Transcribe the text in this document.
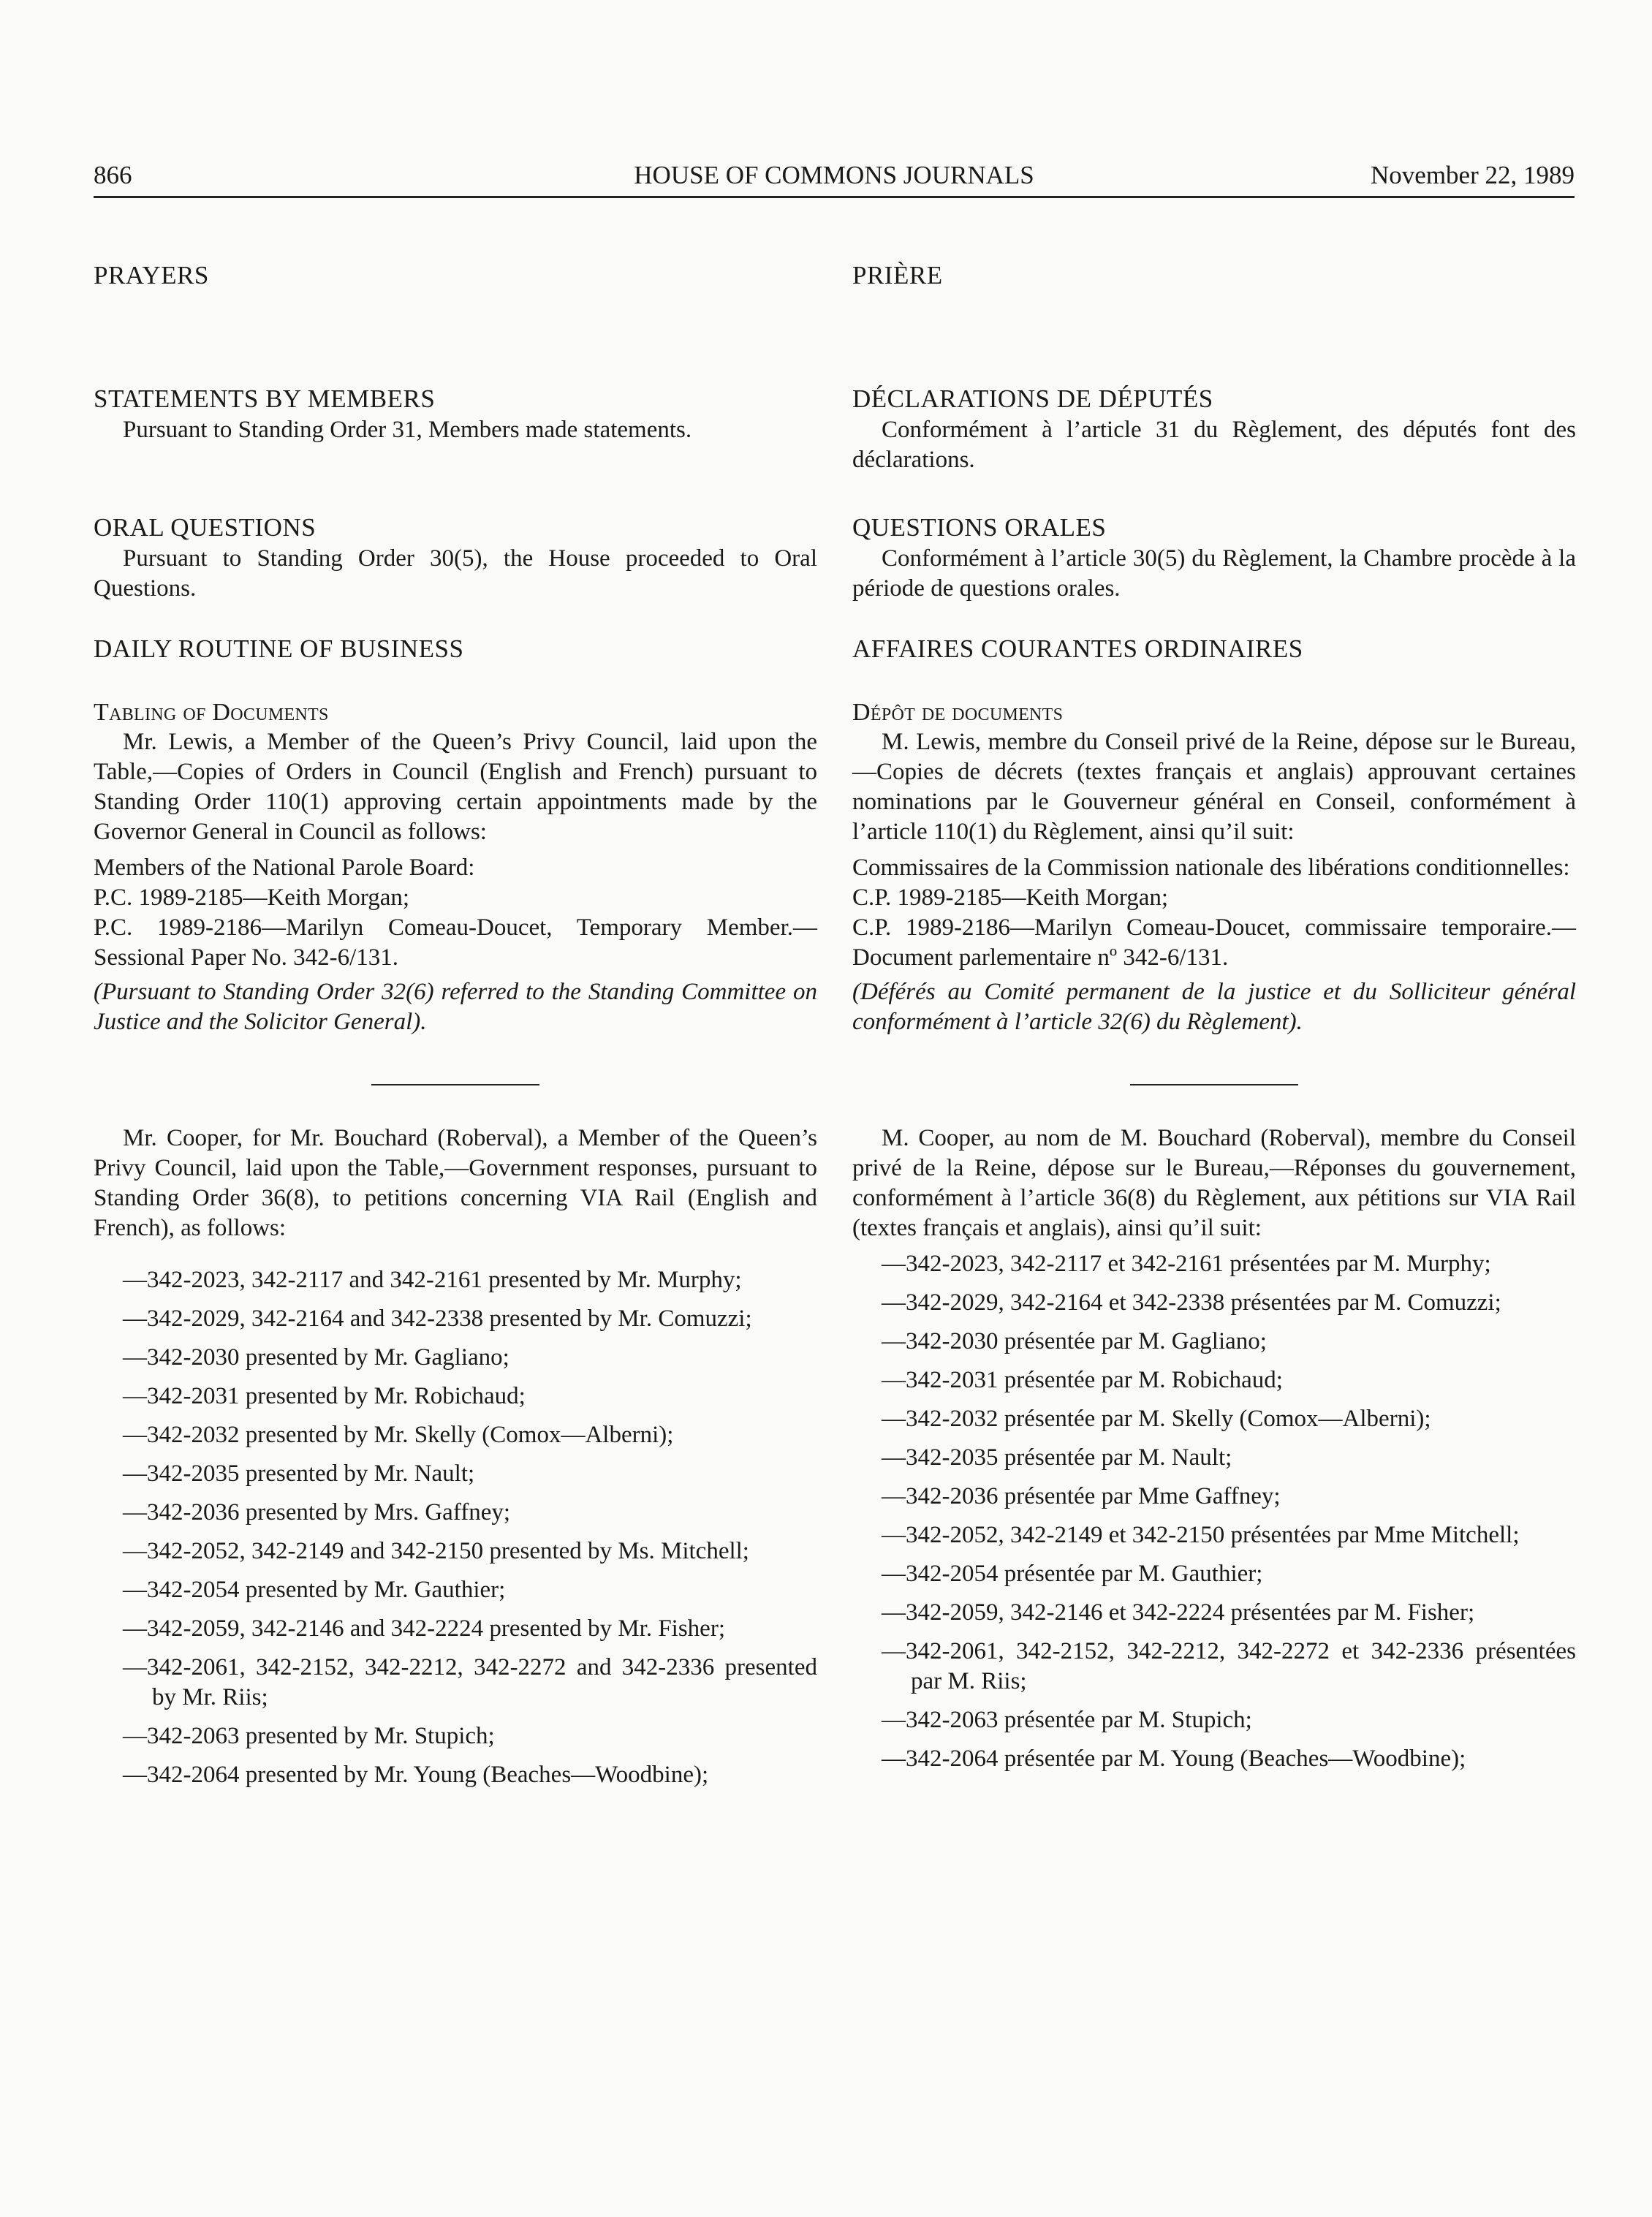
866	HOUSE OF COMMONS JOURNALS	November 22, 1989
PRAYERS
STATEMENTS BY MEMBERS

Pursuant to Standing Order 31, Members made statements.

ORAL QUESTIONS

Pursuant to Standing Order 30(5), the House proceeded to Oral Questions.

DAILY ROUTINE OF BUSINESS

Tabling of Documents

Mr. Lewis, a Member of the Queen’s Privy Council, laid upon the Table,—Copies of Orders in Council (English and French) pursuant to Standing Order 110(1) approving certain appointments made by the Governor General in Council as follows:

Members of the National Parole Board:

P.C. 1989-2185—Keith Morgan;

P.C. 1989-2186—Marilyn Comeau-Doucet, Temporary Member.—Sessional Paper No. 342-6/131.

(Pursuant to Standing Order 32(6) referred to the Standing Committee on Justice and the Solicitor General).

Mr. Cooper, for Mr. Bouchard (Roberval), a Member of the Queen’s Privy Council, laid upon the Table,—Government responses, pursuant to Standing Order 36(8), to petitions concerning VIA Rail (English and French), as follows:

—342-2023, 342-2117 and 342-2161 presented by Mr. Murphy;
—342-2029, 342-2164 and 342-2338 presented by Mr. Comuzzi;
—342-2030 presented by Mr. Gagliano;
—342-2031 presented by Mr. Robichaud;
—342-2032 presented by Mr. Skelly (Comox—Alberni);
—342-2035 presented by Mr. Nault;
—342-2036 presented by Mrs. Gaffney;
—342-2052, 342-2149 and 342-2150 presented by Ms. Mitchell;
—342-2054 presented by Mr. Gauthier;
—342-2059, 342-2146 and 342-2224 presented by Mr. Fisher;
—342-2061, 342-2152, 342-2212, 342-2272 and 342-2336 presented by Mr. Riis;
—342-2063 presented by Mr. Stupich;
—342-2064 presented by Mr. Young (Beaches—Woodbine);
PRIÈRE
DÉCLARATIONS DE DÉPUTÉS

Conformément à l’article 31 du Règlement, des députés font des déclarations.

QUESTIONS ORALES

Conformément à l’article 30(5) du Règlement, la Chambre procède à la période de questions orales.

AFFAIRES COURANTES ORDINAIRES

Dépôt de documents

M. Lewis, membre du Conseil privé de la Reine, dépose sur le Bureau,—Copies de décrets (textes français et anglais) approuvant certaines nominations par le Gouverneur général en Conseil, conformément à l’article 110(1) du Règlement, ainsi qu’il suit:

Commissaires de la Commission nationale des libérations conditionnelles:

C.P. 1989-2185—Keith Morgan;

C.P. 1989-2186—Marilyn Comeau-Doucet, commissaire temporaire.—Document parlementaire nº 342-6/131.

(Déférés au Comité permanent de la justice et du Solliciteur général conformément à l’article 32(6) du Règlement).

M. Cooper, au nom de M. Bouchard (Roberval), membre du Conseil privé de la Reine, dépose sur le Bureau,—Réponses du gouvernement, conformément à l’article 36(8) du Règlement, aux pétitions sur VIA Rail (textes français et anglais), ainsi qu’il suit:

—342-2023, 342-2117 et 342-2161 présentées par M. Murphy;
—342-2029, 342-2164 et 342-2338 présentées par M. Comuzzi;
—342-2030 présentée par M. Gagliano;
—342-2031 présentée par M. Robichaud;
—342-2032 présentée par M. Skelly (Comox—Alberni);
—342-2035 présentée par M. Nault;
—342-2036 présentée par Mme Gaffney;
—342-2052, 342-2149 et 342-2150 présentées par Mme Mitchell;
—342-2054 présentée par M. Gauthier;
—342-2059, 342-2146 et 342-2224 présentées par M. Fisher;
—342-2061, 342-2152, 342-2212, 342-2272 et 342-2336 présentées par M. Riis;
—342-2063 présentée par M. Stupich;
—342-2064 présentée par M. Young (Beaches—Woodbine);
